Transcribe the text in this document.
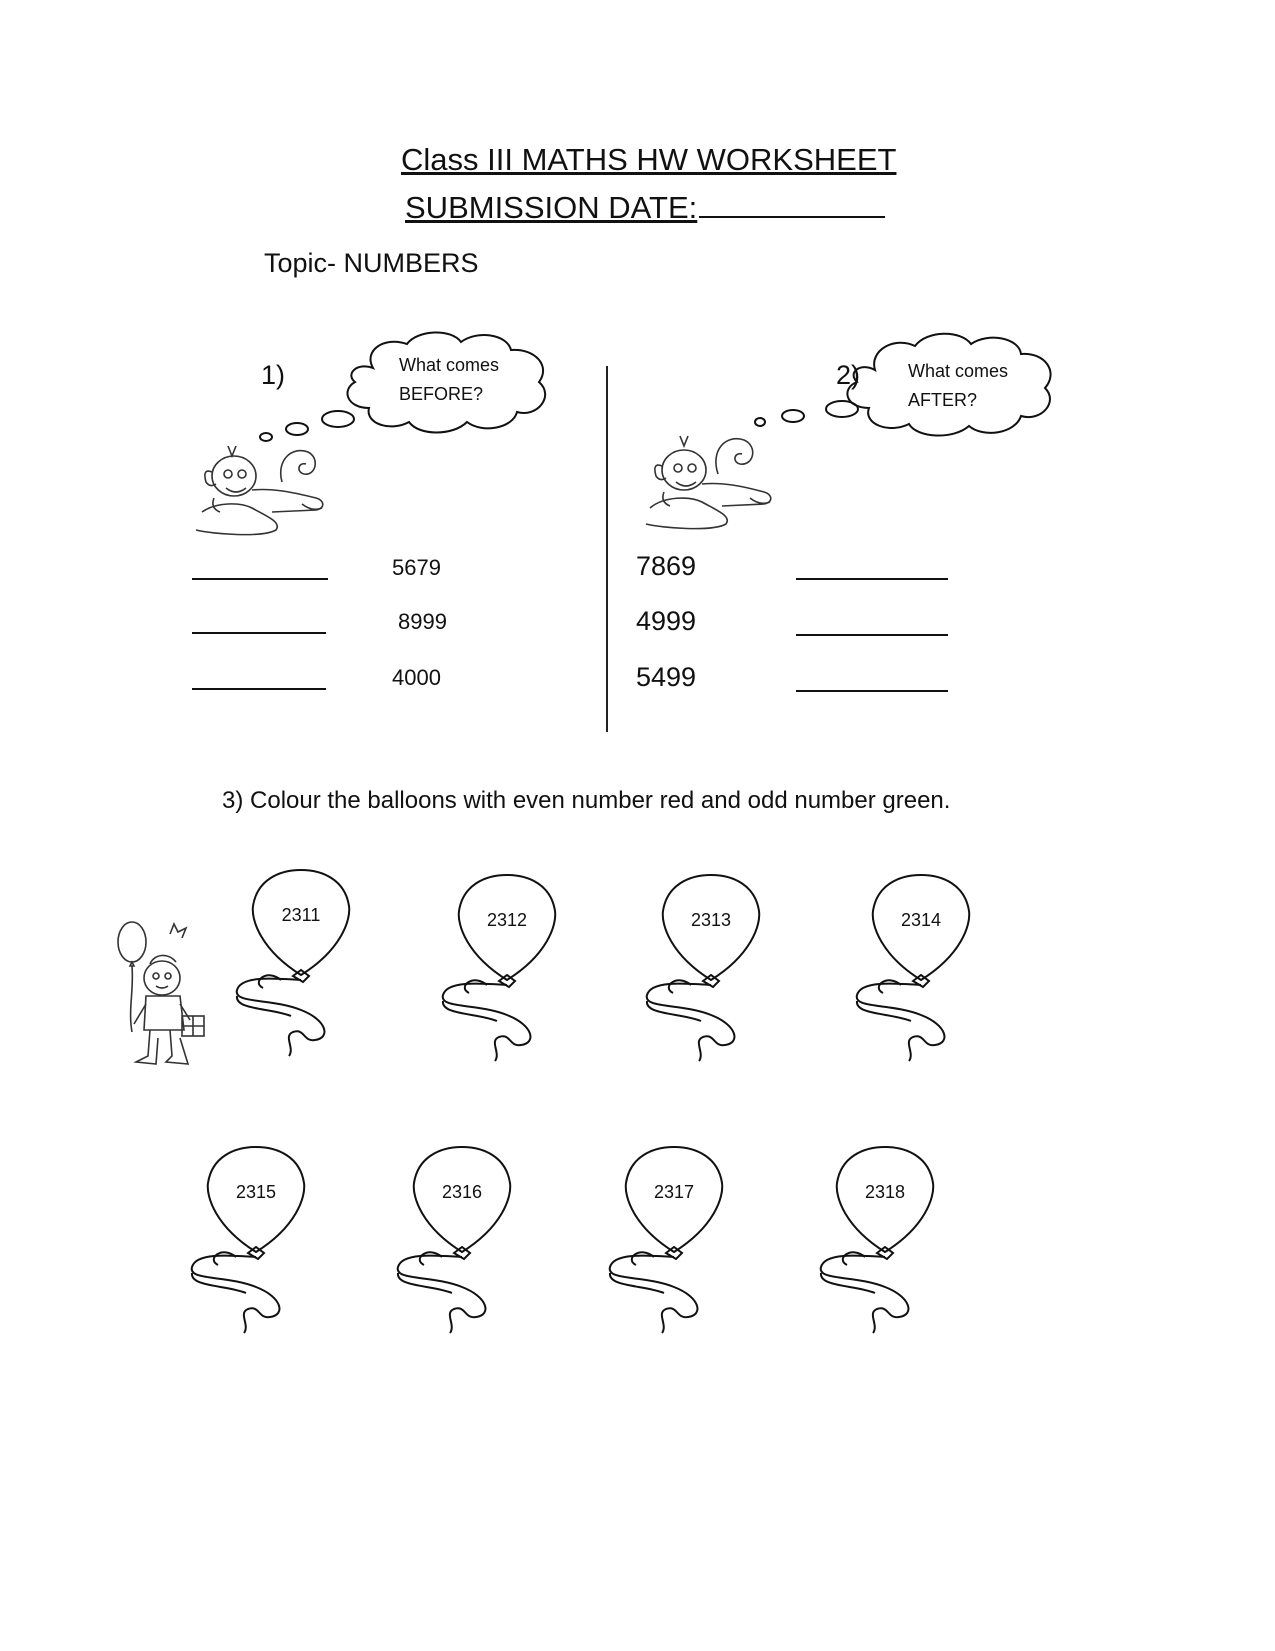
Class III MATHS HW WORKSHEET
SUBMISSION DATE:
Topic- NUMBERS
1)	What comes
BEFORE?
5679
8999
4000
2)	What comes
AFTER?
7869
4999
5499
3) Colour the balloons with even number red and odd number green.
2311	2312	2313	2314
2315	2316	2317	2318
